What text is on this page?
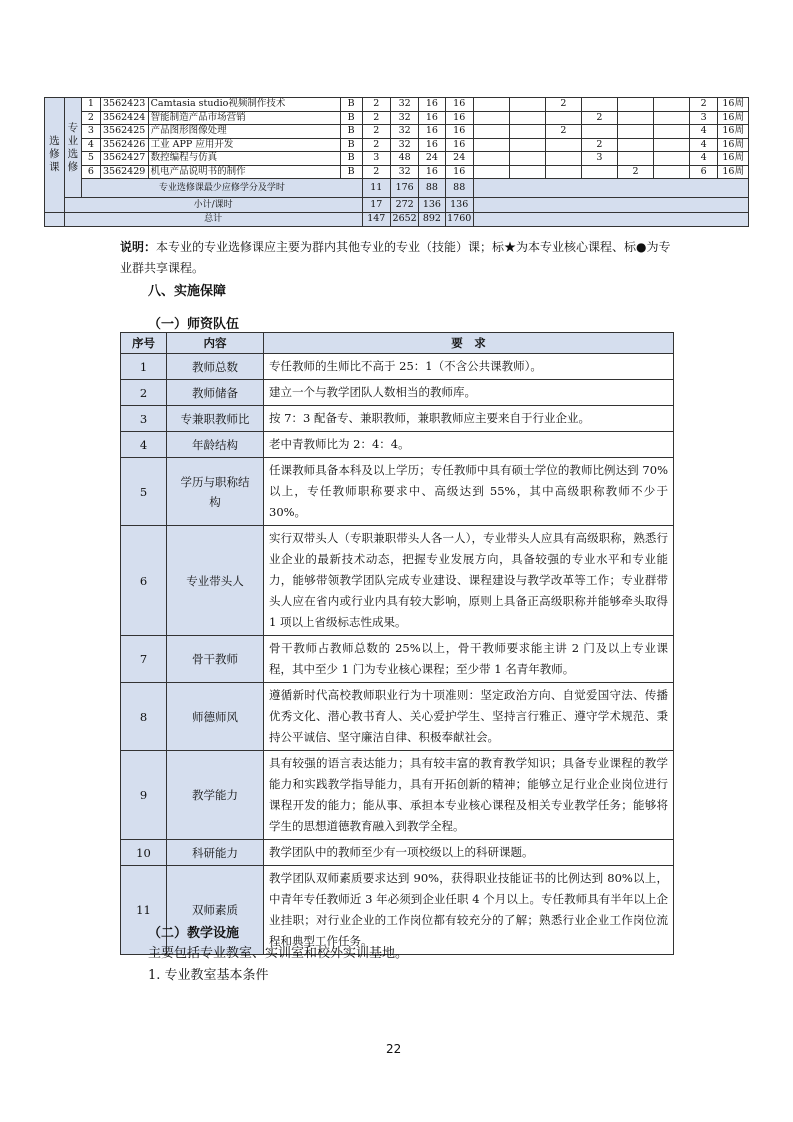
选修课	专业选修	1	3562423	Camtasia studio视频制作技术	B	2	32	16	16			2				2	16周
		2	3562424	智能制造产品市场营销	B	2	32	16	16				2			3	16周
		3	3562425	产品图形图像处理	B	2	32	16	16			2				4	16周
		4	3562426	工业 APP 应用开发	B	2	32	16	16				2			4	16周
		5	3562427	数控编程与仿真	B	3	48	24	24				3			4	16周
		6	3562429	机电产品说明书的制作	B	2	32	16	16					2		6	16周
		专业选修课最少应修学分及学时				11	176	88	88								
	小计/课时					17	272	136	136								
	总计					147	2652	892	1760								
说明：本专业的专业选修课应主要为群内其他专业的专业（技能）课；标★为本专业核心课程、标●为专业群共享课程。
八、实施保障
（一）师资队伍
序号	内容	要　求
1	教师总数	专任教师的生师比不高于 25：1（不含公共课教师）。
2	教师储备	建立一个与教学团队人数相当的教师库。
3	专兼职教师比	按 7：3 配备专、兼职教师，兼职教师应主要来自于行业企业。
4	年龄结构	老中青教师比为 2：4：4。
5	学历与职称结构	任课教师具备本科及以上学历；专任教师中具有硕士学位的教师比例达到 70%以上，专任教师职称要求中、高级达到 55%，其中高级职称教师不少于 30%。
6	专业带头人	实行双带头人（专职兼职带头人各一人），专业带头人应具有高级职称，熟悉行业企业的最新技术动态，把握专业发展方向，具备较强的专业水平和专业能力，能够带领教学团队完成专业建设、课程建设与教学改革等工作；专业群带头人应在省内或行业内具有较大影响，原则上具备正高级职称并能够牵头取得 1 项以上省级标志性成果。
7	骨干教师	骨干教师占教师总数的 25%以上，骨干教师要求能主讲 2 门及以上专业课程，其中至少 1 门为专业核心课程；至少带 1 名青年教师。
8	师德师风	遵循新时代高校教师职业行为十项准则：坚定政治方向、自觉爱国守法、传播优秀文化、潜心教书育人、关心爱护学生、坚持言行雅正、遵守学术规范、秉持公平诚信、坚守廉洁自律、积极奉献社会。
9	教学能力	具有较强的语言表达能力；具有较丰富的教育教学知识；具备专业课程的教学能力和实践教学指导能力，具有开拓创新的精神；能够立足行业企业岗位进行课程开发的能力；能从事、承担本专业核心课程及相关专业教学任务；能够将学生的思想道德教育融入到教学全程。
10	科研能力	教学团队中的教师至少有一项校级以上的科研课题。
11	双师素质	教学团队双师素质要求达到 90%，获得职业技能证书的比例达到 80%以上，中青年专任教师近 3 年必须到企业任职 4 个月以上。专任教师具有半年以上企业挂职；对行业企业的工作岗位都有较充分的了解；熟悉行业企业工作岗位流程和典型工作任务。
（二）教学设施
主要包括专业教室、实训室和校外实训基地。
1. 专业教室基本条件
22
